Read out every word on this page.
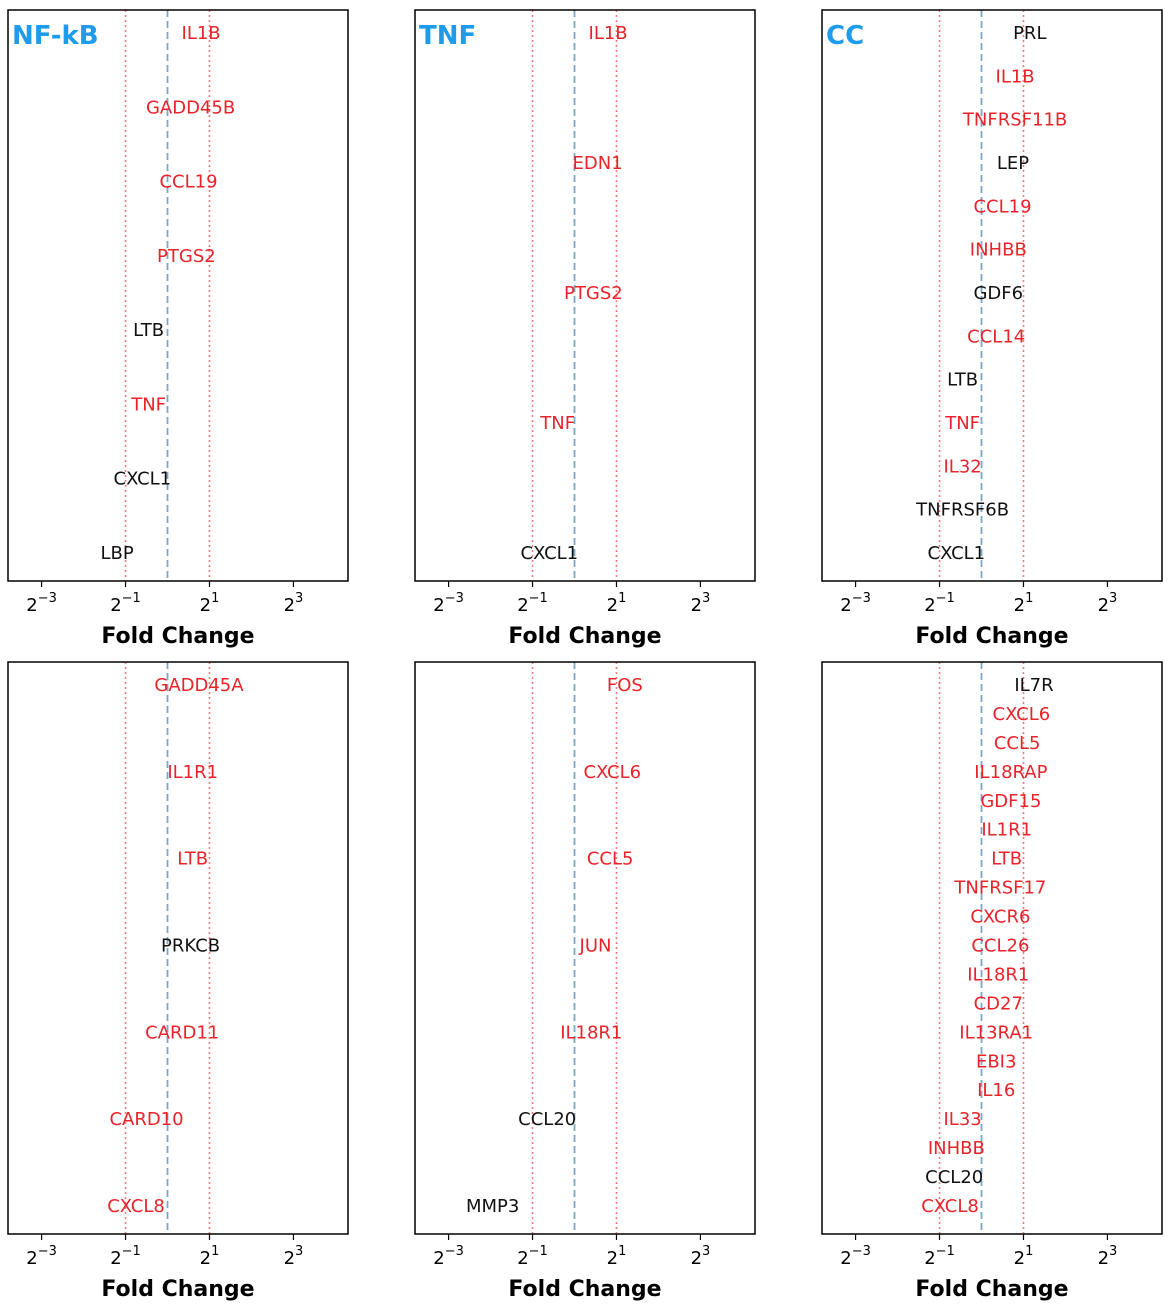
IL1B
GADD45B
CCL19
PTGS2
LTB
TNF
CXCL1
LBP
$2^{-3}$	$2^{-1}$	$2^1$	$2^3$
Fold Change
NF-kB	IL1B
EDN1
PTGS2
TNF
CXCL1
$2^{-3}$	$2^{-1}$	$2^1$	$2^3$
Fold Change
TNF	PRL
IL1B
TNFRSF11B
LEP
CCL19
INHBB
GDF6
CCL14
LTB
TNF
IL32
TNFRSF6B
CXCL1
$2^{-3}$	$2^{-1}$	$2^1$	$2^3$
Fold Change
CC
GADD45A
IL1R1
LTB
PRKCB
CARD11
CARD10
CXCL8
$2^{-3}$	$2^{-1}$	$2^1$	$2^3$
Fold Change
FOS
CXCL6
CCL5
JUN
IL18R1
CCL20
MMP3
$2^{-3}$	$2^{-1}$	$2^1$	$2^3$
Fold Change
IL7R
CXCL6
CCL5
IL18RAP
GDF15
IL1R1
LTB
TNFRSF17
CXCR6
CCL26
IL18R1
CD27
IL13RA1
EBI3
IL16
IL33
INHBB
CCL20
CXCL8
$2^{-3}$	$2^{-1}$	$2^1$	$2^3$
Fold Change
